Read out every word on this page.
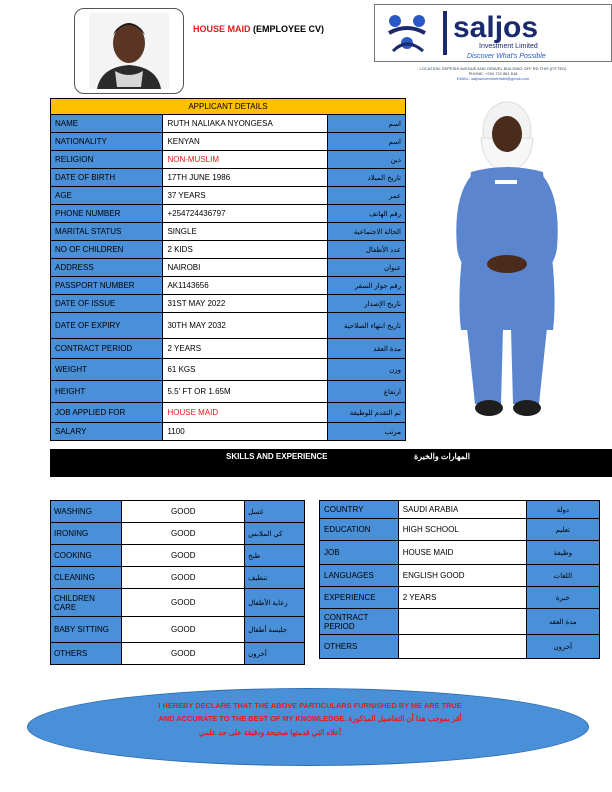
HOUSE MAID (EMPLOYEE CV)	saljos
Investment Limited
Discover What's Possible
LOCATION: SEPESHI AVENUE AND GRAVEL BUILDING OFF RD THIS (FITTED)
PHONE: +254 722 861 618
EMAIL: saljosinvestmentsltd@gmail.com
APPLICANT DETAILS		
NAME	RUTH NALIAKA NYONGESA	اسم
NATIONALITY	KENYAN	اسم
RELIGION	NON-MUSLIM	دين
DATE OF BIRTH	17TH JUNE 1986	تاريخ الميلاد
AGE	37 YEARS	عمر
PHONE NUMBER	+254724436797	رقم الهاتف
MARITAL STATUS	SINGLE	الحالة الاجتماعية
NO OF CHILDREN	2 KIDS	عدد الأطفال
ADDRESS	NAIROBI	عنوان
PASSPORT NUMBER	AK1143656	رقم جواز السفر
DATE OF ISSUE	31ST MAY 2022	تاريخ الإصدار
DATE OF EXPIRY	30TH MAY 2032	تاريخ انتهاء الصلاحية
CONTRACT PERIOD	2 YEARS	مدة العقد
WEIGHT	61 KGS	وزن
HEIGHT	5.5' FT OR 1.65M	ارتفاع
JOB APPLIED FOR	HOUSE MAID	تم التقدم للوظيفة
SALARY	1100	مرتب
SKILLS AND EXPERIENCE	المهارات والخبرة
WASHING	GOOD	غسل
IRONING	GOOD	كي الملابس
COOKING	GOOD	طبخ
CLEANING	GOOD	تنظيف
CHILDREN CARE	GOOD	رعاية الأطفال
BABY SITTING	GOOD	جليسة أطفال
OTHERS	GOOD	آخرون
COUNTRY	SAUDI ARABIA	دولة
EDUCATION	HIGH SCHOOL	تعليم
JOB	HOUSE MAID	وظيفة
LANGUAGES	ENGLISH GOOD	اللغات
EXPERIENCE	2 YEARS	خبرة
CONTRACT PERIOD		مدة العقد
OTHERS		آخرون
I HEREBY DECLARE THAT THE ABOVE PARTICULARS FURNISHED BY ME ARE TRUE
AND ACCURATE TO THE BEST OF MY KNOWLEDGE. أقر بموجب هذا أن التفاصيل المذكورة
أعلاه التي قدمتها صحيحة ودقيقة على حد علمي
